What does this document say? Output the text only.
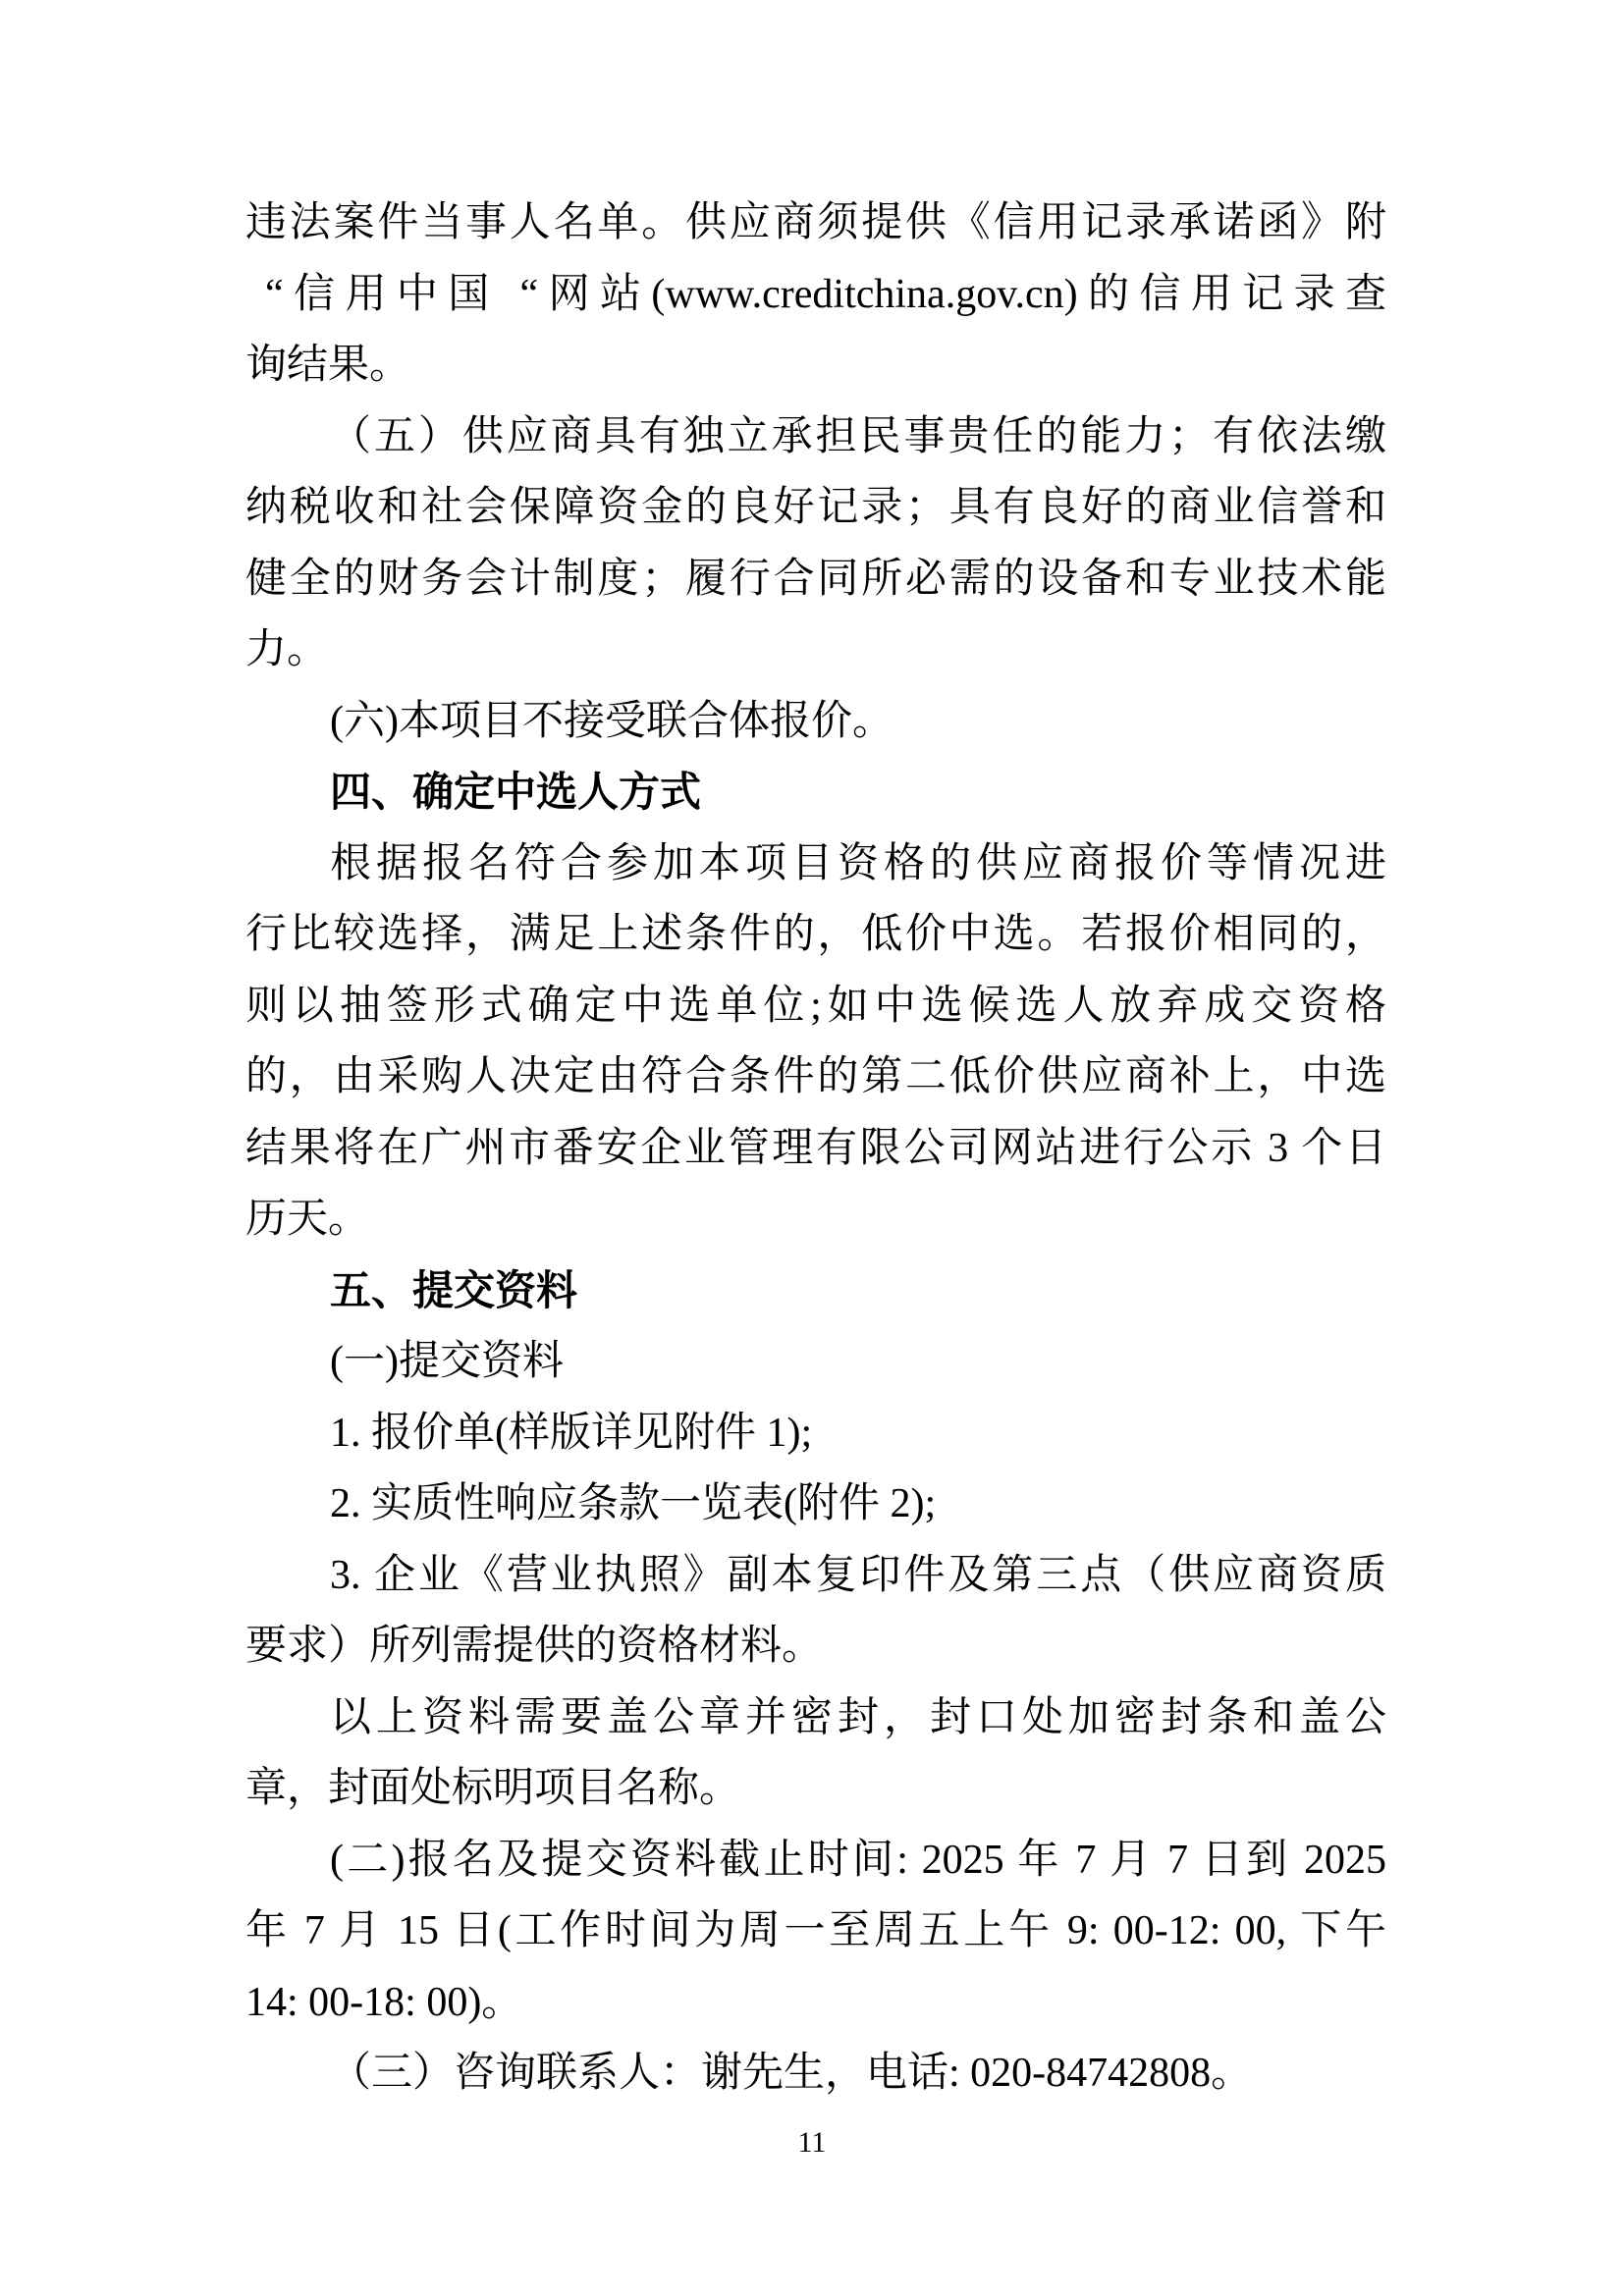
违法案件当事人名单。供应商须提供《信用记录承诺函》附

“信用中国 “网站(www.creditchina.gov.cn)的信用记录查

询结果。

（五）供应商具有独立承担民事贵任的能力；有依法缴

纳税收和社会保障资金的良好记录；具有良好的商业信誉和

健全的财务会计制度；履行合同所必需的设备和专业技术能

力。

(六)本项目不接受联合体报价。

四、确定中选人方式

根据报名符合参加本项目资格的供应商报价等情况进

行比较选择，满足上述条件的，低价中选。若报价相同的，

则以抽签形式确定中选单位;如中选候选人放弃成交资格

的，由采购人决定由符合条件的第二低价供应商补上，中选

结果将在广州市番安企业管理有限公司网站进行公示 3 个日

历天。

五、提交资料

(一)提交资料

1. 报价单(样版详见附件 1);

2. 实质性响应条款一览表(附件 2);

3. 企业《营业执照》副本复印件及第三点（供应商资质

要求）所列需提供的资格材料。

以上资料需要盖公章并密封，封口处加密封条和盖公

章，封面处标明项目名称。

(二)报名及提交资料截止时间: 2025 年 7 月 7 日到 2025

年 7 月 15 日(工作时间为周一至周五上午 9: 00-12: 00, 下午

14: 00-18: 00)。

（三）咨询联系人：谢先生，电话: 020-84742808。

11
